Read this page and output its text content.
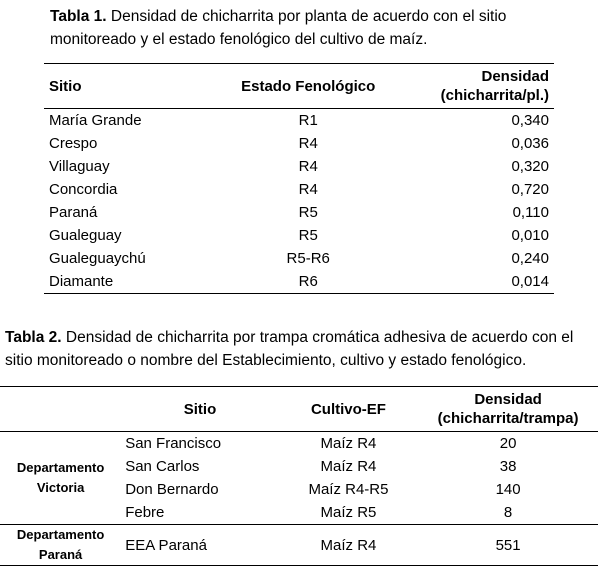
Tabla 1. Densidad de chicharrita por planta de acuerdo con el sitio monitoreado y el estado fenológico del cultivo de maíz.
Sitio	Estado Fenológico	Densidad (chicharrita/pl.)
María Grande	R1	0,340
Crespo	R4	0,036
Villaguay	R4	0,320
Concordia	R4	0,720
Paraná	R5	0,110
Gualeguay	R5	0,010
Gualeguaychú	R5-R6	0,240
Diamante	R6	0,014
Tabla 2. Densidad de chicharrita por trampa cromática adhesiva de acuerdo con el sitio monitoreado o nombre del Establecimiento, cultivo y estado fenológico.
	Sitio	Cultivo-EF	Densidad (chicharrita/trampa)
Departamento Victoria	San Francisco	Maíz R4	20
	San Carlos	Maíz R4	38
	Don Bernardo	Maíz R4-R5	140
	Febre	Maíz R5	8
Departamento Paraná	EEA Paraná	Maíz R4	551
